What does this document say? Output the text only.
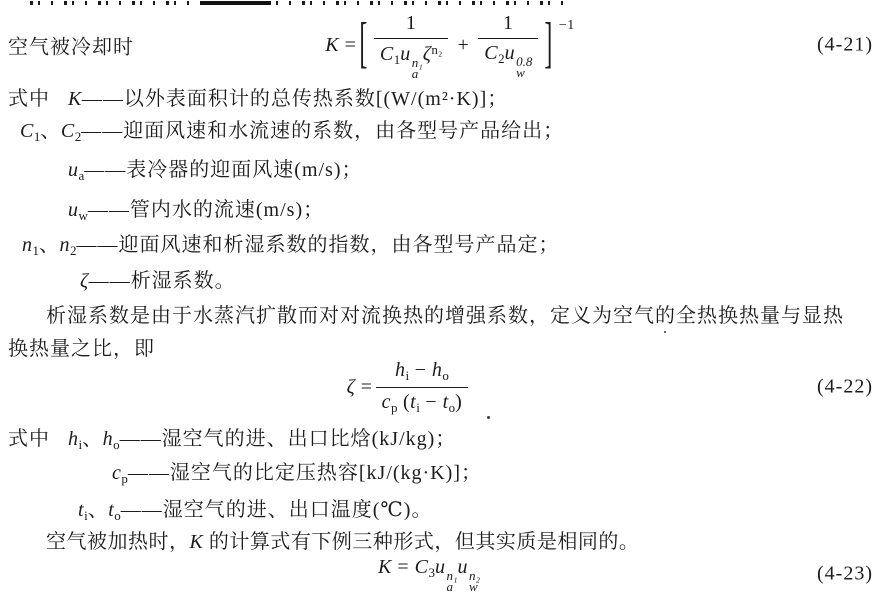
空气被冷却时	K = [ 1
$C_1u$ n₁
a
$\zeta^{n_2} + 1$
$C_2u$ 0.8
w ] −1
(4-21)
式中 K——以外表面积计的总传热系数[(W/(m²·K)]；
$C_1$、$C_2——$迎面风速和水流速的系数，由各型号产品给出；
$u_a——$表冷器的迎面风速(m/s)；
$u_w——$管内水的流速(m/s)；
$n_1$、$n_2——$迎面风速和析湿系数的指数，由各型号产品定；
ζ——析湿系数。
析湿系数是由于水蒸汽扩散而对对流换热的增强系数，定义为空气的全热换热量与显热
换热量之比，即
$\zeta = \frac{h_i - h_o}{c_p (t_i - t_o)}$	(4-22)
式中 $h_i$、$h_o——$湿空气的进、出口比焓(kJ/kg)；
$c_p——$湿空气的比定压热容[kJ/(kg·K)]；
$t_i$、$t_o——$湿空气的进、出口温度(℃)。
空气被加热时，K 的计算式有下例三种形式，但其实质是相同的。
$K = C_3u$ n₁
a
u n₂
w
(4-23)
